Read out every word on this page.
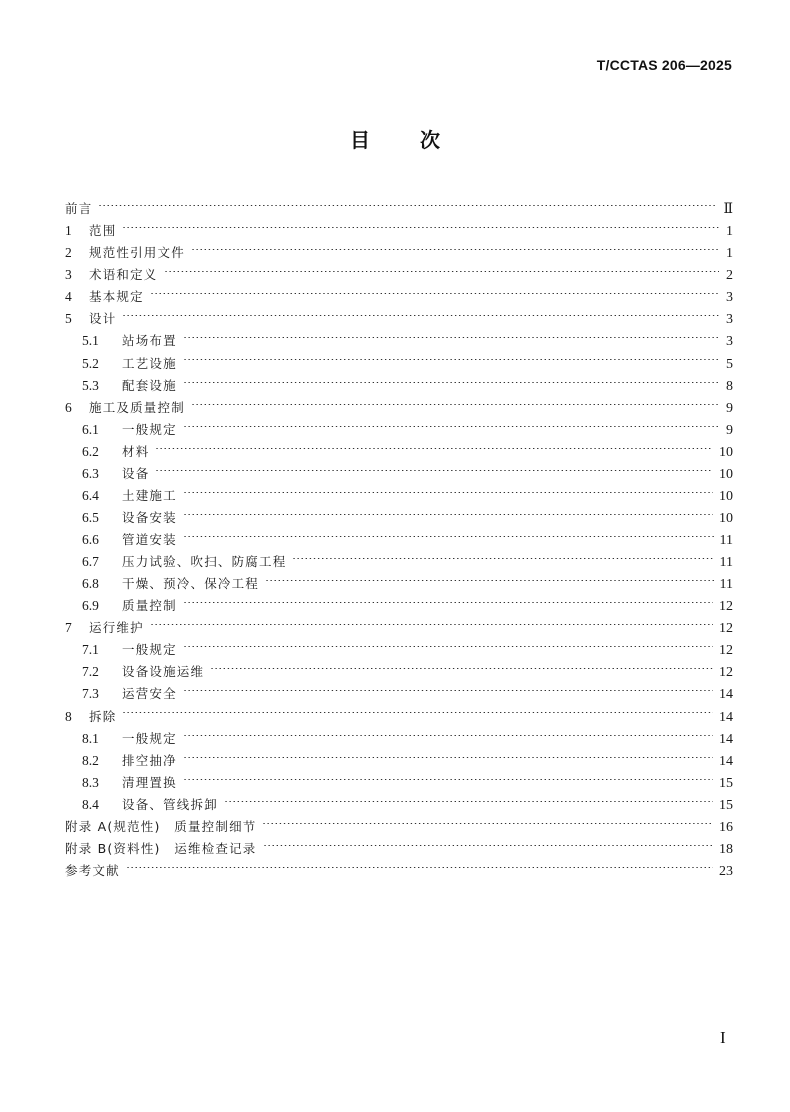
T/CCTAS 206—2025
目	次
前言	Ⅱ
1	范围	1
2	规范性引用文件	1
3	术语和定义	2
4	基本规定	3
5	设计	3
5.1	站场布置	3
5.2	工艺设施	5
5.3	配套设施	8
6	施工及质量控制	9
6.1	一般规定	9
6.2	材料	10
6.3	设备	10
6.4	土建施工	10
6.5	设备安装	10
6.6	管道安装	11
6.7	压力试验、吹扫、防腐工程	11
6.8	干燥、预冷、保冷工程	11
6.9	质量控制	12
7	运行维护	12
7.1	一般规定	12
7.2	设备设施运维	12
7.3	运营安全	14
8	拆除	14
8.1	一般规定	14
8.2	排空抽净	14
8.3	清理置换	15
8.4	设备、管线拆卸	15
附录 A(规范性)　质量控制细节	16
附录 B(资料性)　运维检查记录	18
参考文献	23
I
